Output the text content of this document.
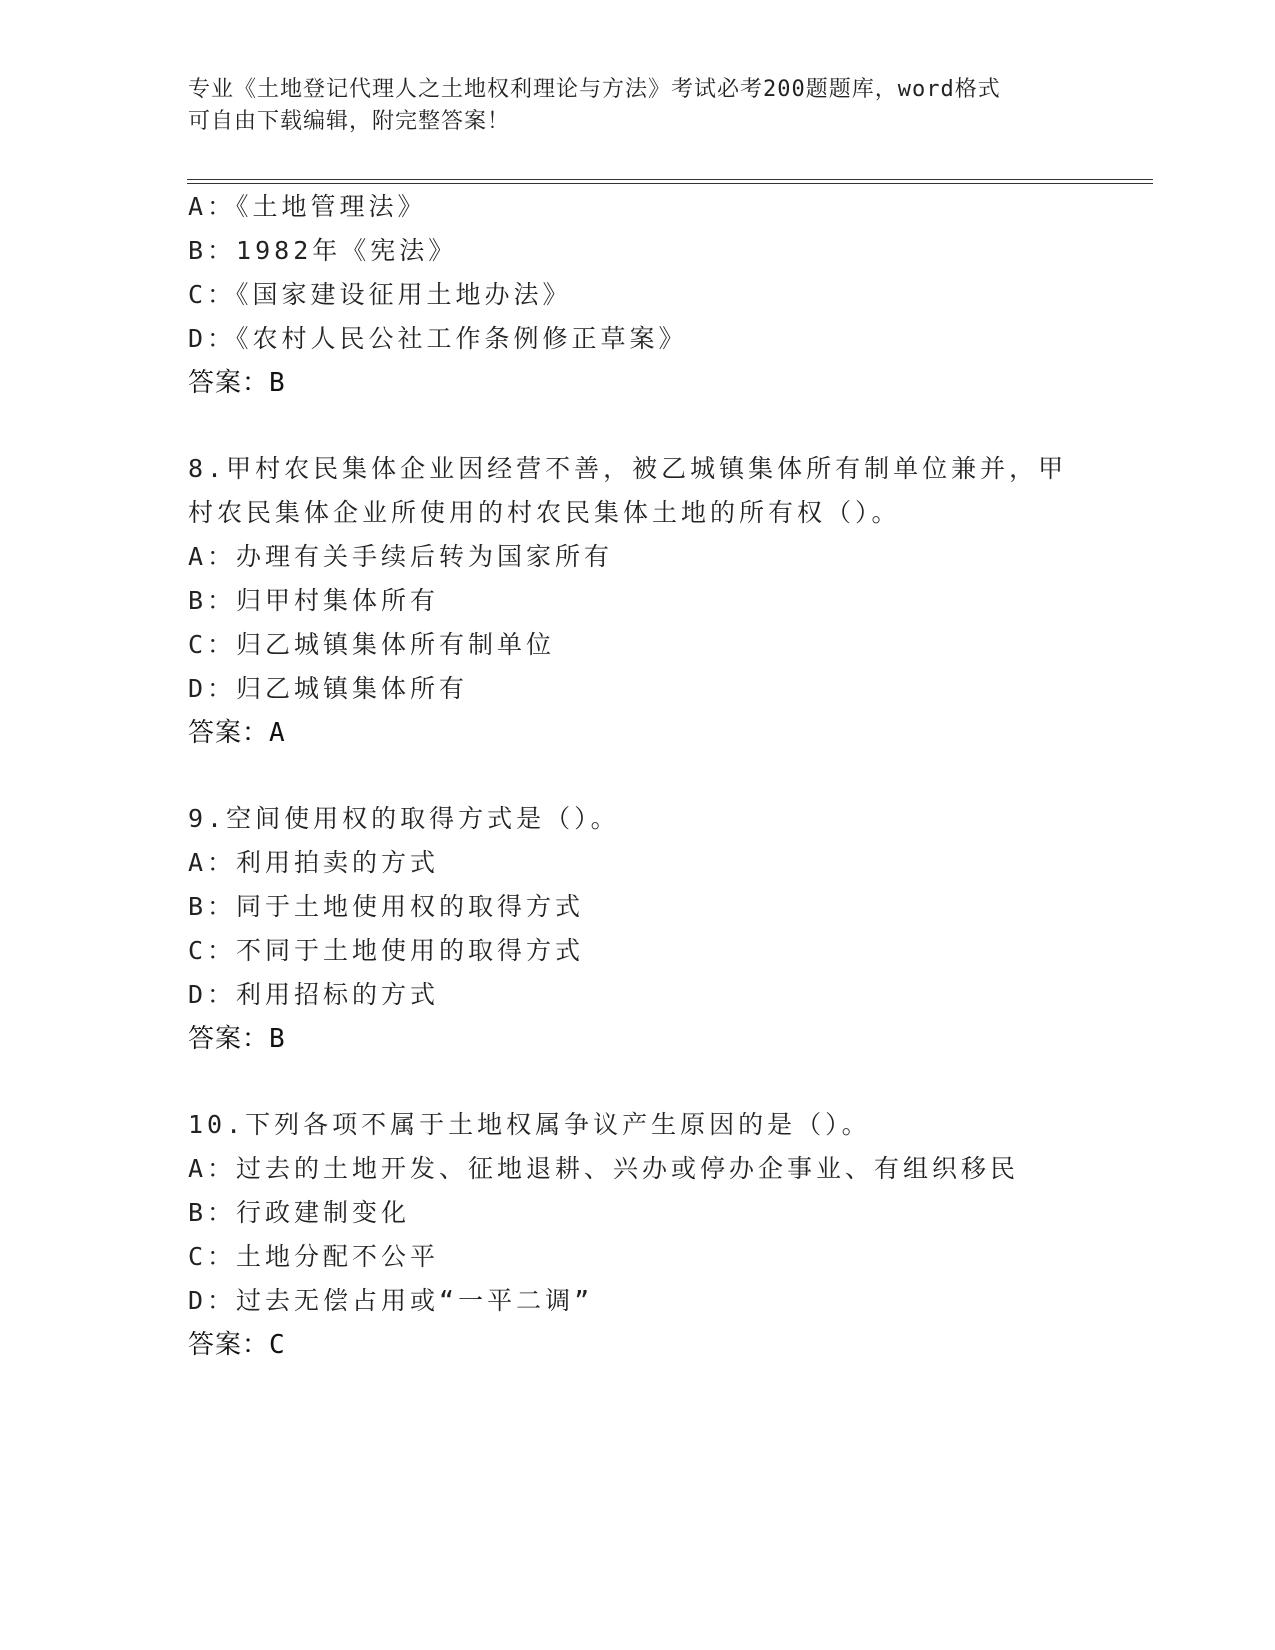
专业《土地登记代理人之土地权利理论与方法》考试必考200题题库，word格式
可自由下载编辑，附完整答案！
A：《土地管理法》
B：1982年《宪法》
C：《国家建设征用土地办法》
D：《农村人民公社工作条例修正草案》
答案：B
8.甲村农民集体企业因经营不善，被乙城镇集体所有制单位兼并，甲
村农民集体企业所使用的村农民集体土地的所有权（）。
A：办理有关手续后转为国家所有
B：归甲村集体所有
C：归乙城镇集体所有制单位
D：归乙城镇集体所有
答案：A
9.空间使用权的取得方式是（）。
A：利用拍卖的方式
B：同于土地使用权的取得方式
C：不同于土地使用的取得方式
D：利用招标的方式
答案：B
10.下列各项不属于土地权属争议产生原因的是（）。
A：过去的土地开发、征地退耕、兴办或停办企事业、有组织移民
B：行政建制变化
C：土地分配不公平
D：过去无偿占用或“一平二调”
答案：C
